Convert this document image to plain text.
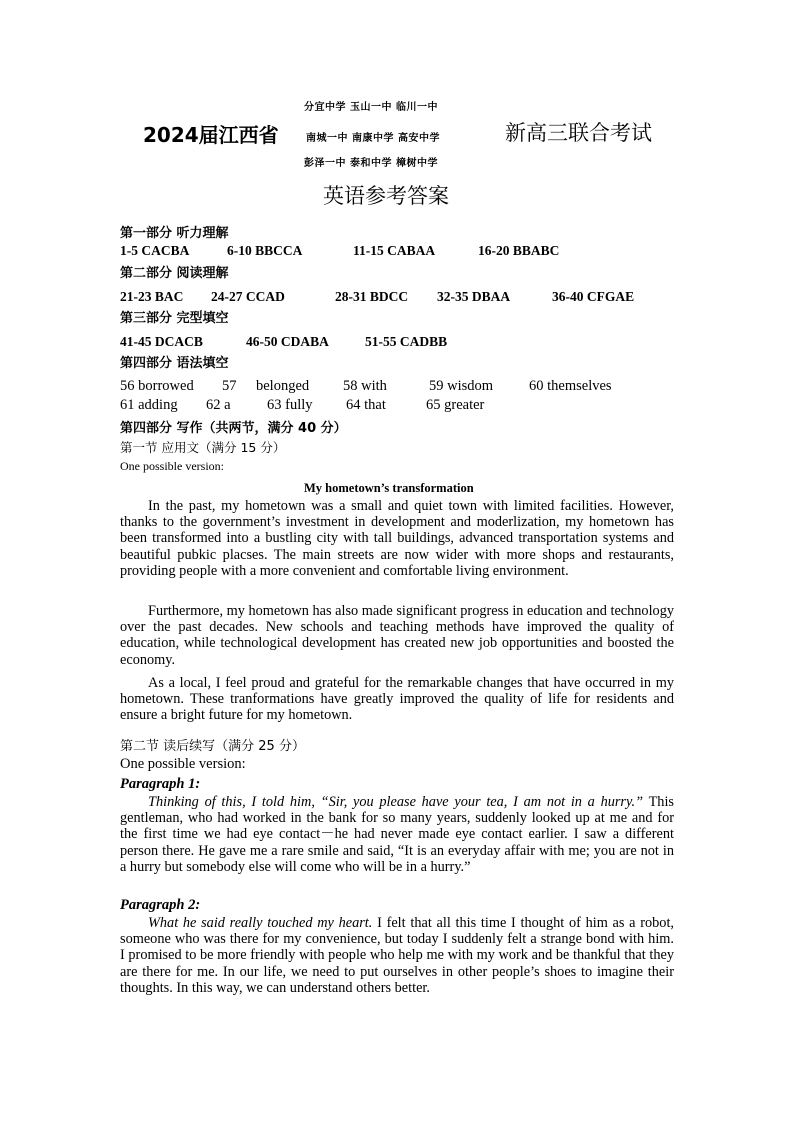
分宜中学 玉山一中 临川一中
2024届江西省	南城一中 南康中学 高安中学	新高三联合考试
彭泽一中 泰和中学 樟树中学
英语参考答案
第一部分 听力理解
1-5 CACBA	6-10 BBCCA	11-15 CABAA	16-20 BBABC
第二部分 阅读理解
21-23 BAC 24-27 CCAD	28-31 BDCC 32-35 DBAA	36-40 CFGAE
第三部分 完型填空
41-45 DCACB	46-50 CDABA	51-55 CADBB
第四部分 语法填空
56 borrowed 57 belonged 58 with	59 wisdom 60 themselves
61 adding 62 a	63 fully 64 that	65 greater
第四部分 写作（共两节，满分 40 分）
第一节 应用文（满分 15 分）
One possible version:
My hometown’s transformation

In the past, my hometown was a small and quiet town with limited facilities. However, thanks to the government’s investment in development and moderlization, my hometown has been transformed into a bustling city with tall buildings, advanced transportation systems and beautiful pubkic placses. The main streets are now wider with more shops and restaurants, providing people with a more convenient and comfortable living environment.

Furthermore, my hometown has also made significant progress in education and technology over the past decades. New schools and teaching methods have improved the quality of education, while technological development has created new job opportunities and boosted the economy.

As a local, I feel proud and grateful for the remarkable changes that have occurred in my hometown. These tranformations have greatly improved the quality of life for residents and ensure a bright future for my hometown.

第二节 读后续写（满分 25 分）
One possible version:
Paragraph 1:

Thinking of this, I told him, “Sir, you please have your tea, I am not in a hurry.” This gentleman, who had worked in the bank for so many years, suddenly looked up at me and for the first time we had eye contact－he had never made eye contact earlier. I saw a different person there. He gave me a rare smile and said, “It is an everyday affair with me; you are not in a hurry but somebody else will come who will be in a hurry.”

Paragraph 2:

What he said really touched my heart. I felt that all this time I thought of him as a robot, someone who was there for my convenience, but today I suddenly felt a strange bond with him. I promised to be more friendly with people who help me with my work and be thankful that they are there for me. In our life, we need to put ourselves in other people’s shoes to imagine their thoughts. In this way, we can understand others better.
